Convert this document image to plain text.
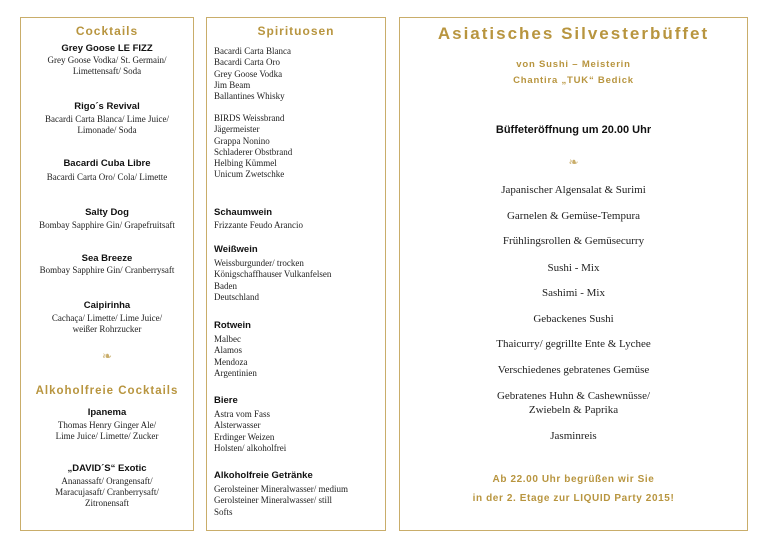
Cocktails
Grey Goose LE FIZZ
Grey Goose Vodka/ St. Germain/
Limettensaft/ Soda
Rigo´s Revival
Bacardi Carta Blanca/ Lime Juice/
Limonade/ Soda
Bacardi Cuba Libre
Bacardi Carta Oro/ Cola/ Limette
Salty Dog
Bombay Sapphire Gin/ Grapefruitsaft
Sea Breeze
Bombay Sapphire Gin/ Cranberrysaft
Caipirinha
Cachaça/ Limette/ Lime Juice/
weißer Rohrzucker
❧
Alkoholfreie Cocktails
Ipanema
Thomas Henry Ginger Ale/
Lime Juice/ Limette/ Zucker
„DAVID´S“ Exotic
Ananassaft/ Orangensaft/
Maracujasaft/ Cranberrysaft/
Zitronensaft
Spirituosen
Bacardi Carta Blanca
Bacardi Carta Oro
Grey Goose Vodka
Jim Beam
Ballantines Whisky
BIRDS Weissbrand
Jägermeister
Grappa Nonino
Schladerer Obstbrand
Helbing Kümmel
Unicum Zwetschke
Schaumwein
Frizzante Feudo Arancio
Weißwein
Weissburgunder/ trocken
Königschaffhauser Vulkanfelsen
Baden
Deutschland
Rotwein
Malbec
Alamos
Mendoza
Argentinien
Biere
Astra vom Fass
Alsterwasser
Erdinger Weizen
Holsten/ alkoholfrei
Alkoholfreie Getränke
Gerolsteiner Mineralwasser/ medium
Gerolsteiner Mineralwasser/ still
Softs
Asiatisches Silvesterbüffet
von Sushi – Meisterin
Chantira „TUK“ Bedick
Büffeteröffnung um 20.00 Uhr
❧
Japanischer Algensalat & Surimi
Garnelen & Gemüse-Tempura
Frühlingsrollen & Gemüsecurry
Sushi - Mix
Sashimi - Mix
Gebackenes Sushi
Thaicurry/ gegrillte Ente & Lychee
Verschiedenes gebratenes Gemüse
Gebratenes Huhn & Cashewnüsse/
Zwiebeln & Paprika
Jasminreis
Ab 22.00 Uhr begrüßen wir Sie
in der 2. Etage zur LIQUID Party 2015!
